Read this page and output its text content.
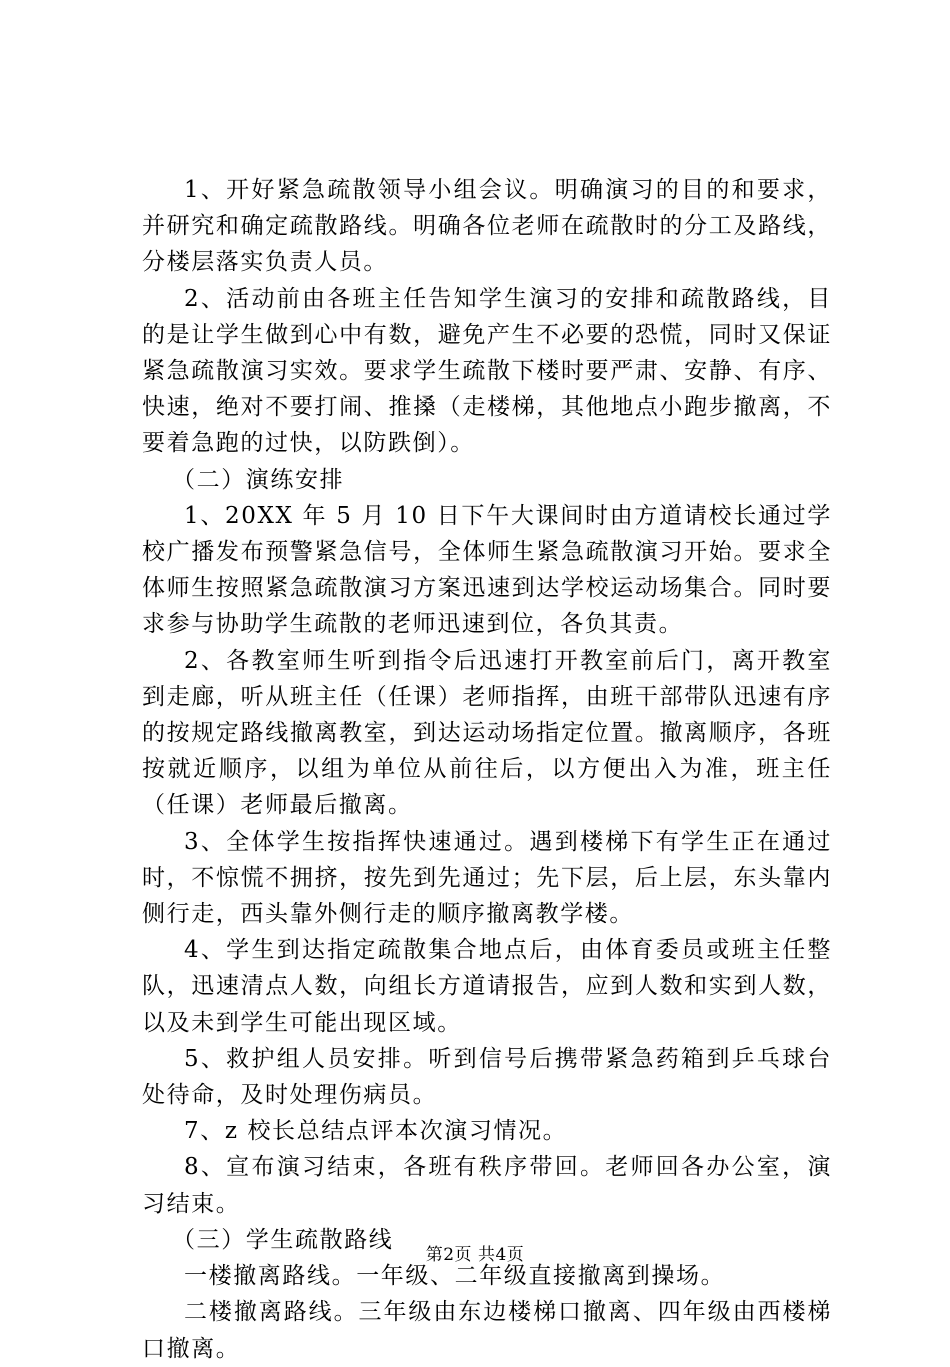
1、开好紧急疏散领导小组会议。明确演习的目的和要求，并研究和确定疏散路线。明确各位老师在疏散时的分工及路线，分楼层落实负责人员。

2、活动前由各班主任告知学生演习的安排和疏散路线，目的是让学生做到心中有数，避免产生不必要的恐慌，同时又保证紧急疏散演习实效。要求学生疏散下楼时要严肃、安静、有序、快速，绝对不要打闹、推搡（走楼梯，其他地点小跑步撤离，不要着急跑的过快，以防跌倒）。

（二）演练安排

1、20XX 年 5 月 10 日下午大课间时由方道请校长通过学校广播发布预警紧急信号，全体师生紧急疏散演习开始。要求全体师生按照紧急疏散演习方案迅速到达学校运动场集合。同时要求参与协助学生疏散的老师迅速到位，各负其责。

2、各教室师生听到指令后迅速打开教室前后门，离开教室到走廊，听从班主任（任课）老师指挥，由班干部带队迅速有序的按规定路线撤离教室，到达运动场指定位置。撤离顺序，各班按就近顺序，以组为单位从前往后，以方便出入为准，班主任（任课）老师最后撤离。

3、全体学生按指挥快速通过。遇到楼梯下有学生正在通过时，不惊慌不拥挤，按先到先通过；先下层，后上层，东头靠内侧行走，西头靠外侧行走的顺序撤离教学楼。

4、学生到达指定疏散集合地点后，由体育委员或班主任整队，迅速清点人数，向组长方道请报告，应到人数和实到人数，以及未到学生可能出现区域。

5、救护组人员安排。听到信号后携带紧急药箱到乒乓球台处待命，及时处理伤病员。

7、z 校长总结点评本次演习情况。

8、宣布演习结束，各班有秩序带回。老师回各办公室，演习结束。

（三）学生疏散路线

一楼撤离路线。一年级、二年级直接撤离到操场。

二楼撤离路线。三年级由东边楼梯口撤离、四年级由西楼梯口撤离。

第2页 共4页
